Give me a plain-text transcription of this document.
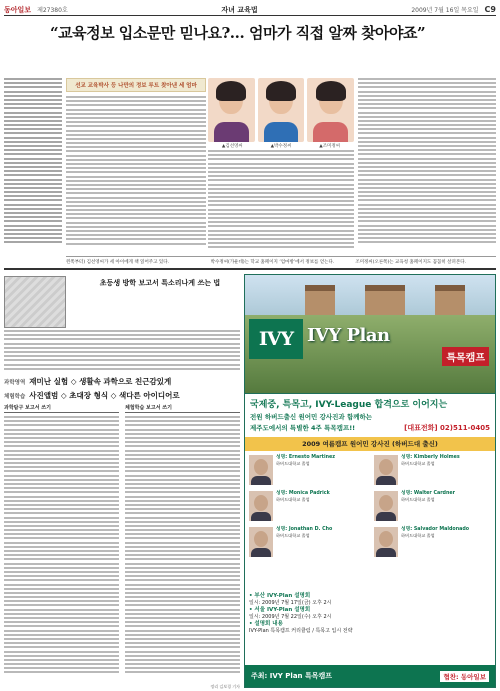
동아일보 제27380호	자녀 교육법	2009년 7월 16일 목요일 C9
“교육정보 입소문만 믿나요?… 엄마가 직접 알짜 찾아야죠”
선교 교육박사 등 나만의 정보 루트 찾아낸 세 엄마
▲김선영씨	▲박수정씨	▲조미정씨
왼쪽부터) 김선영씨가 세 아이에게 책 읽어주고 있다.	박수정씨(가운데)는 학교 홈페이지 ‘엄마방’에서 정보를 얻는다.	조미정씨(오른쪽)는 교육청 홈페이지도 꼼꼼히 살펴본다.
초등생 방학 보고서 특소리나게 쓰는 법
과학영역 재미난 실험 ◇ 생활속 과학으로 친근감있게
체험학습 사진앨범 ◇ 초대장 형식 ◇ 색다른 아이디어로
과학탐구 보고서 쓰기	체험학습 보고서 쓰기
정리 김보경 기자
IVY IVY Plan
특목캠프
국제중, 특목고, IVY-League 합격으로 이어지는
전원 하버드출신 원어민 강사진과 함께하는
제주도에서의 특별한 4주 특목캠프!!	[대표전화] 02)511-0405
2009 여름캠프 원어민 강사진 (하버드대 출신)
성명: Ernesto Martinez
하버드대학교 졸업
성명: Kimberly Holmes
하버드대학교 졸업
성명: Monica Padrick
하버드대학교 졸업
성명: Walter Cardner
하버드대학교 졸업
성명: Jonathan D. Cho
하버드대학교 졸업
성명: Salvador Maldonado
하버드대학교 졸업
• 부산 IVY-Plan 설명회
일시: 2009년 7월 17일(금) 오후 2시
• 서울 IVY-Plan 설명회
일시: 2009년 7월 22일(수) 오후 2시
• 설명회 내용
IVY-Plan 특목캠프 커리큘럼 / 특목고 입시 전략
주최: IVY Plan 특목캠프	협찬: 동아일보
